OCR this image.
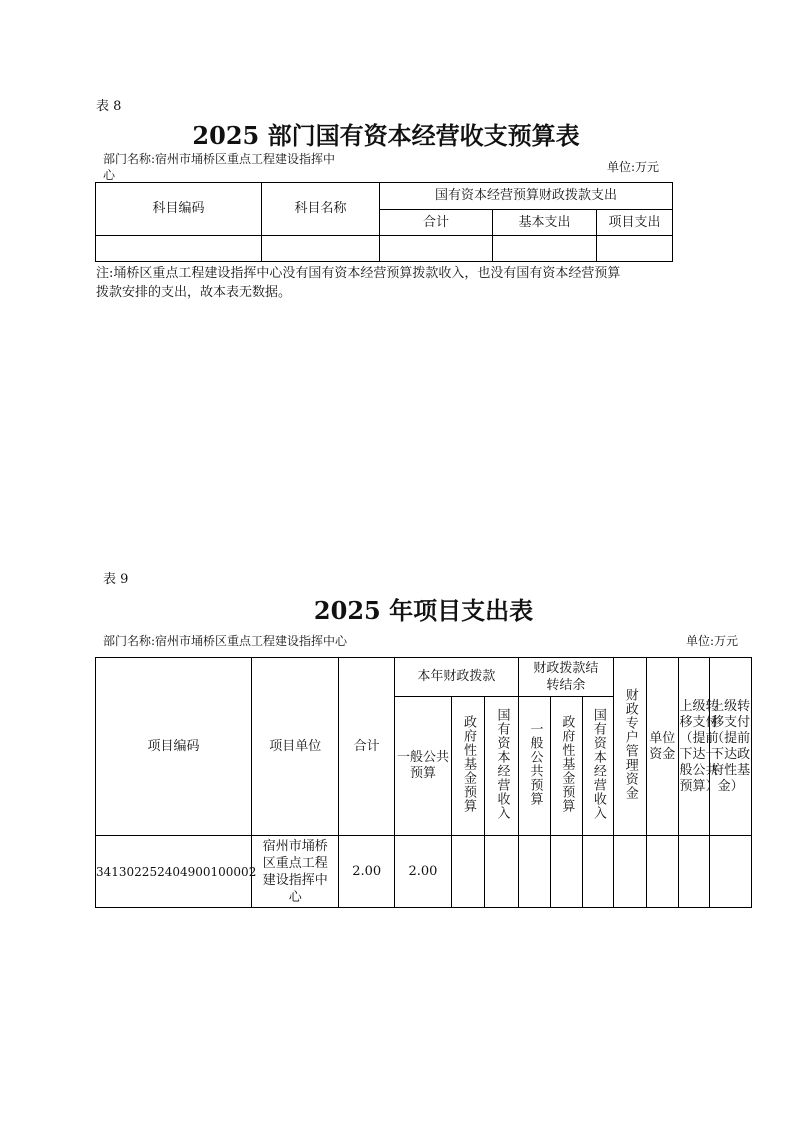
表 8
2025 部门国有资本经营收支预算表
部门名称:宿州市埇桥区重点工程建设指挥中
心
单位:万元
科目编码	科目名称	国有资本经营预算财政拨款支出		
		合计	基本支出	项目支出

注:埇桥区重点工程建设指挥中心没有国有资本经营预算拨款收入，也没有国有资本经营预算
拨款安排的支出，故本表无数据。
表 9
2025 年项目支出表
部门名称:宿州市埇桥区重点工程建设指挥中心	单位:万元
项目编码	项目单位	合计	本年财政拨款			财政拨款结转结余			财政专户管理资金	单位资金	上级转移支付（提前下达一般公共预算）	上级转移支付（提前下达政府性基金）

			一般公共预算	政府性基金预算	国有资本经营收入	一般公共预算	政府性基金预算	国有资本经营收入				
341302252404900100002	宿州市埇桥区重点工程建设指挥中心	2.00	2.00									
